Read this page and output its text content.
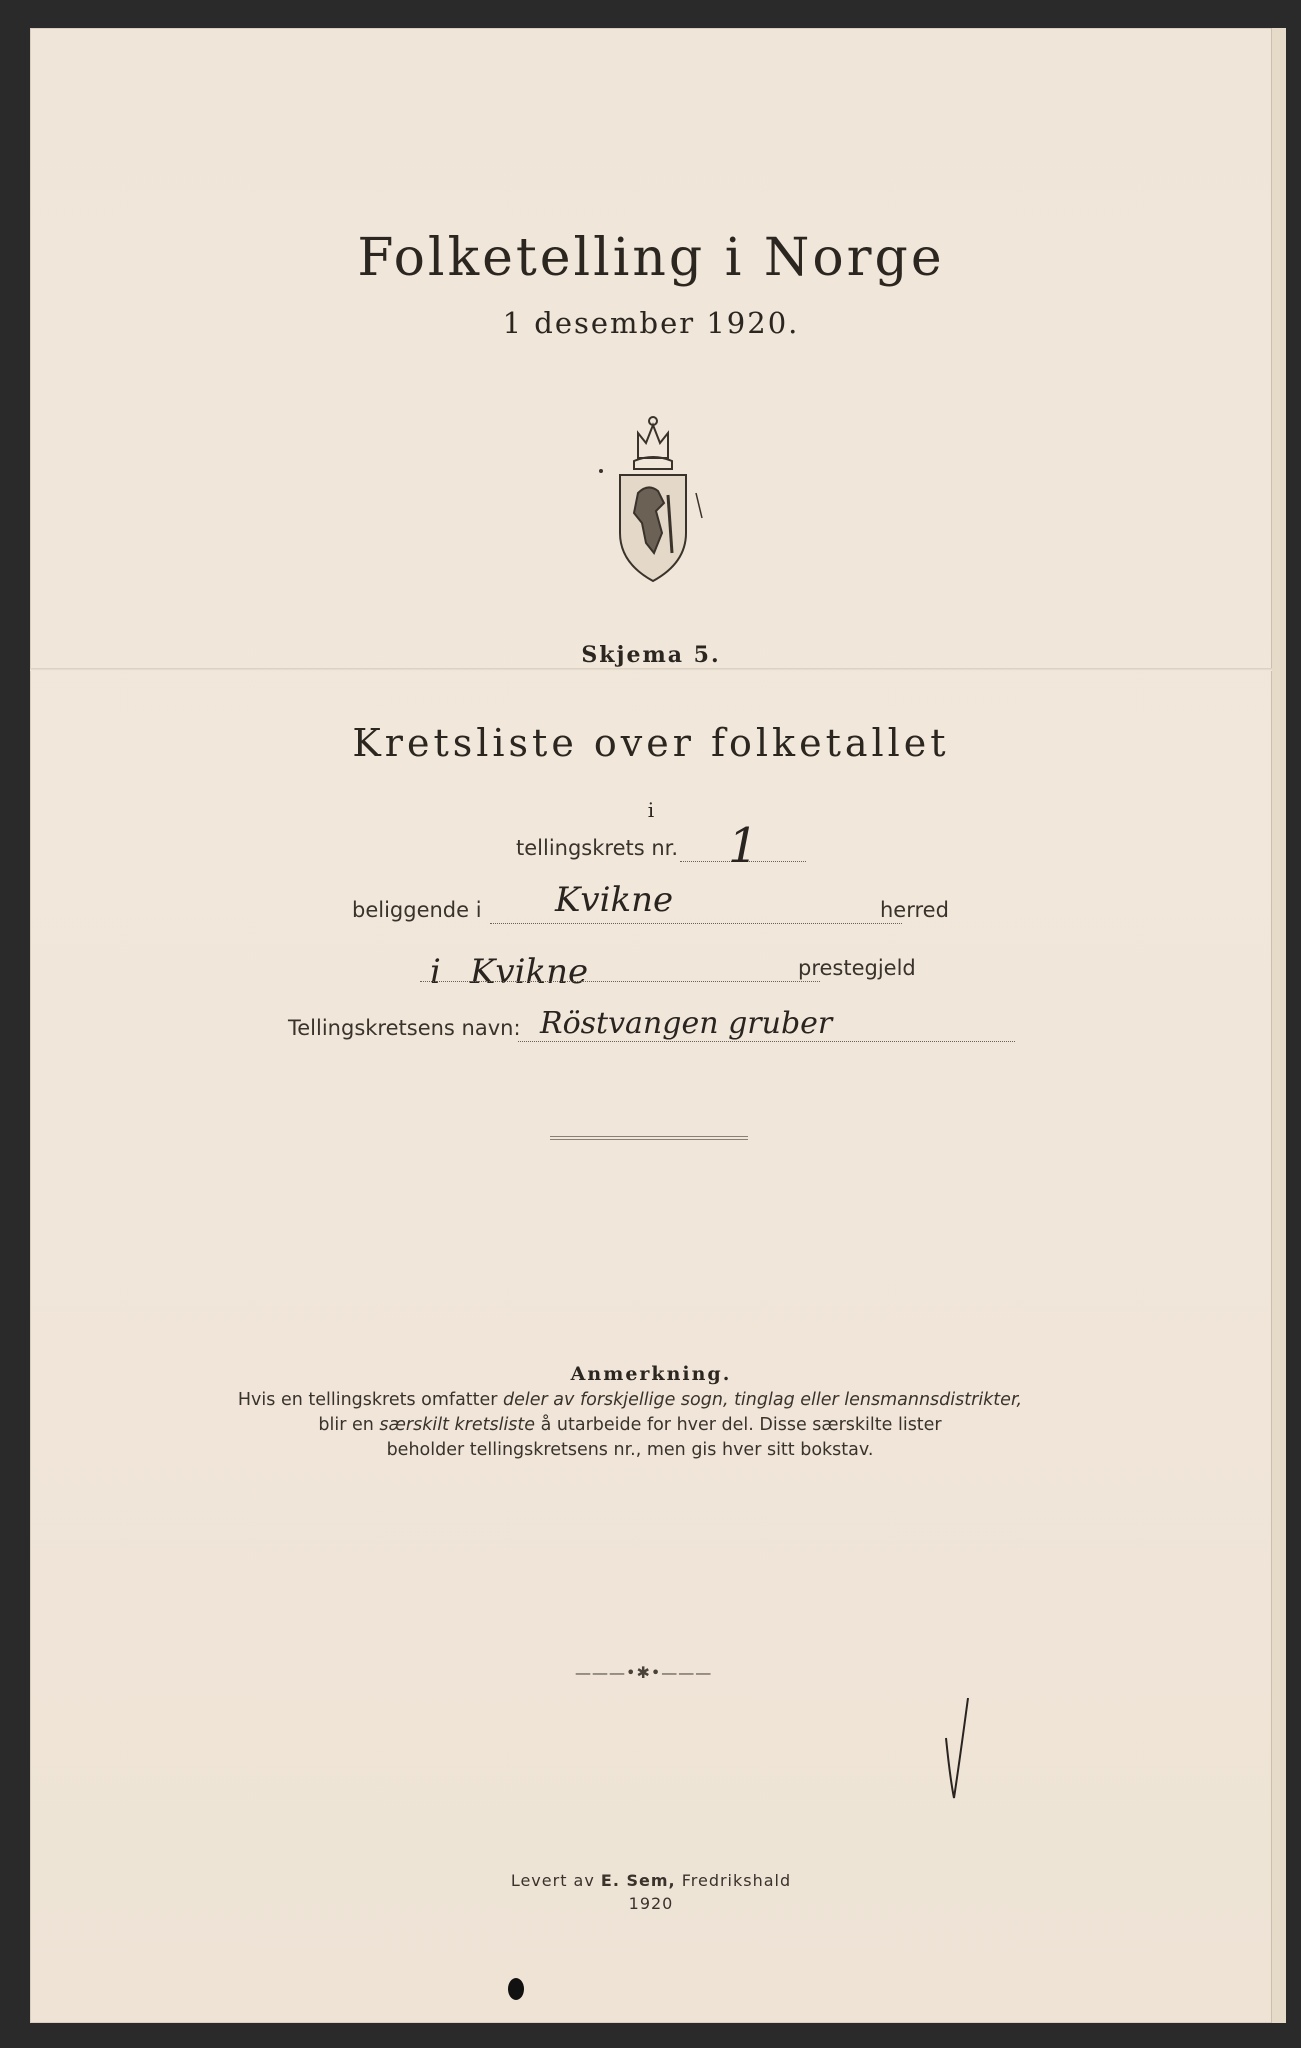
Folketelling i Norge
1 desember 1920.
Skjema 5.
Kretsliste over folketallet
i
tellingskrets nr. 1
beliggende i Kvikne	herred
i Kvikne	prestegjeld
Tellingskretsens navn: Röstvangen gruber
Anmerkning.
Hvis en tellingskrets omfatter deler av forskjellige sogn, tinglag eller lensmannsdistrikter,
blir en særskilt kretsliste å utarbeide for hver del. Disse særskilte lister
beholder tellingskretsens nr., men gis hver sitt bokstav.
———•✱•———
Levert av E. Sem, Fredrikshald
1920
